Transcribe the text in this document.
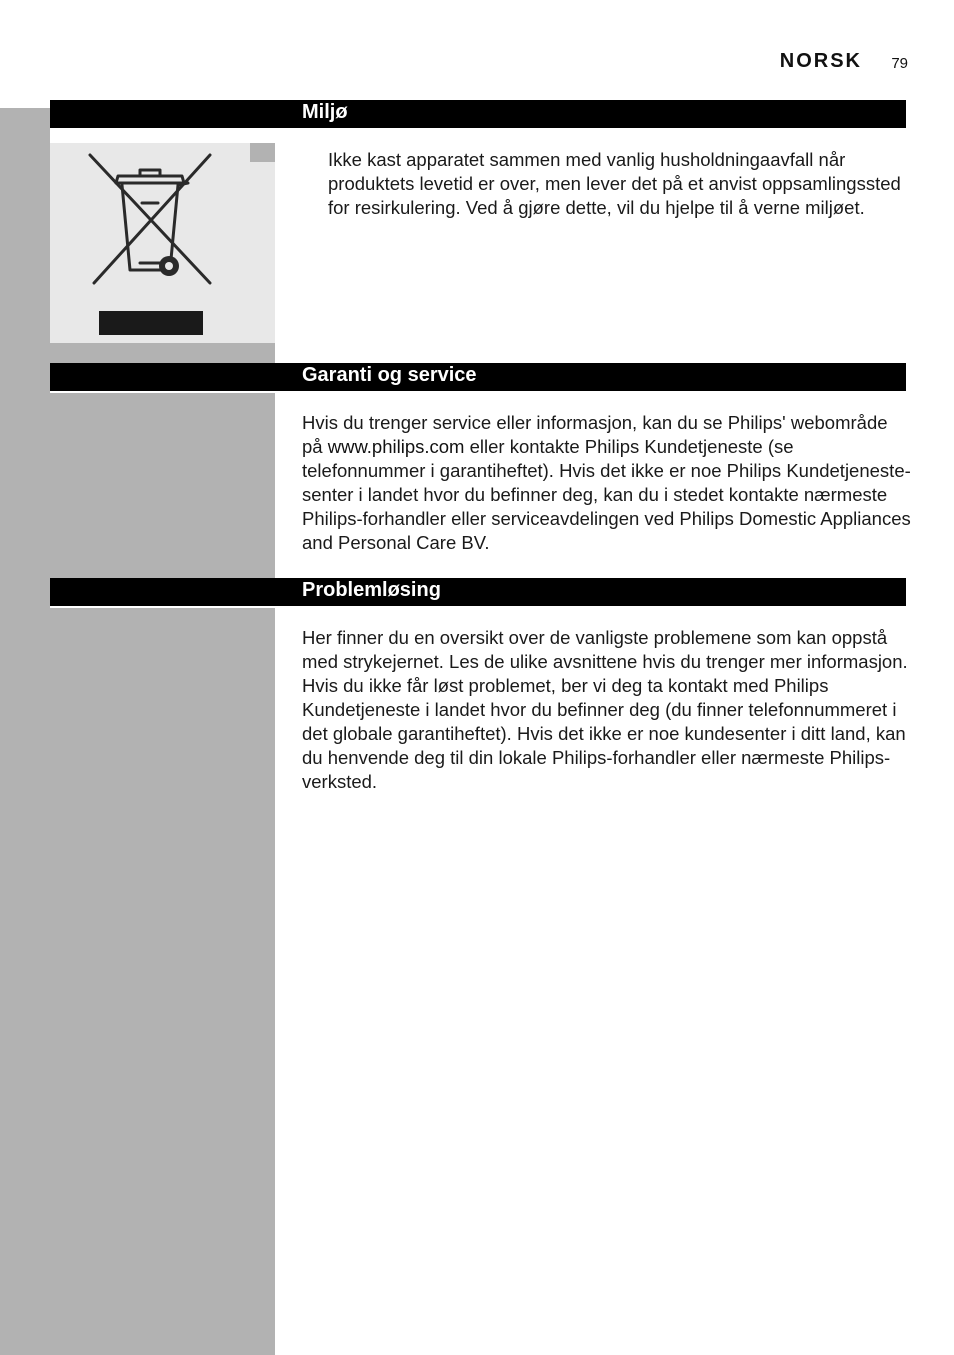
NORSK	79
Miljø

Ikke kast apparatet sammen med vanlig husholdningaavfall når produktets levetid er over, men lever det på et anvist oppsamlingssted for resirkulering. Ved å gjøre dette, vil du hjelpe til å verne miljøet.

Garanti og service

Hvis du trenger service eller informasjon, kan du se Philips' webområde på www.philips.com eller kontakte Philips Kundetjeneste (se telefonnummer i garantiheftet). Hvis det ikke er noe Philips Kundetjeneste-senter i landet hvor du befinner deg, kan du i stedet kontakte nærmeste Philips-forhandler eller serviceavdelingen ved Philips Domestic Appliances and Personal Care BV.

Problemløsing

Her finner du en oversikt over de vanligste problemene som kan oppstå med strykejernet. Les de ulike avsnittene hvis du trenger mer informasjon. Hvis du ikke får løst problemet, ber vi deg ta kontakt med Philips Kundetjeneste i landet hvor du befinner deg (du finner telefonnummeret i det globale garantiheftet). Hvis det ikke er noe kundesenter i ditt land, kan du henvende deg til din lokale Philips-forhandler eller nærmeste Philips-verksted.
